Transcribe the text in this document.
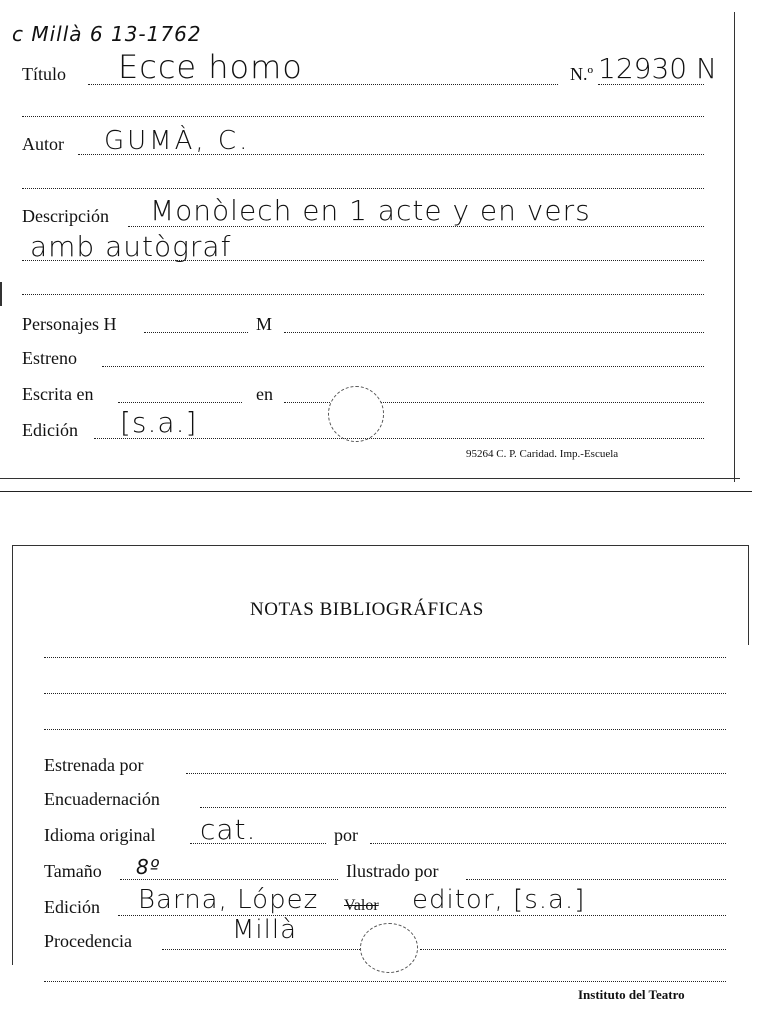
c Millà 6 13-1762
Título Ecce homo	N.º 12930 N
Autor GUMÀ, C.
Descripción Monòlech en 1 acte y en vers
amb autògraf
Personajes H	M
Estreno
Escrita en	en
Edición [s.a.]
95264 C. P. Caridad. Imp.-Escuela
NOTAS BIBLIOGRÁFICAS
Estrenada por
Encuadernación
Idioma original cat.	por
Tamaño 8º	Ilustrado por
Edición Barna, López Valor editor, [s.a.]
Procedencia	Millà
Instituto del Teatro
